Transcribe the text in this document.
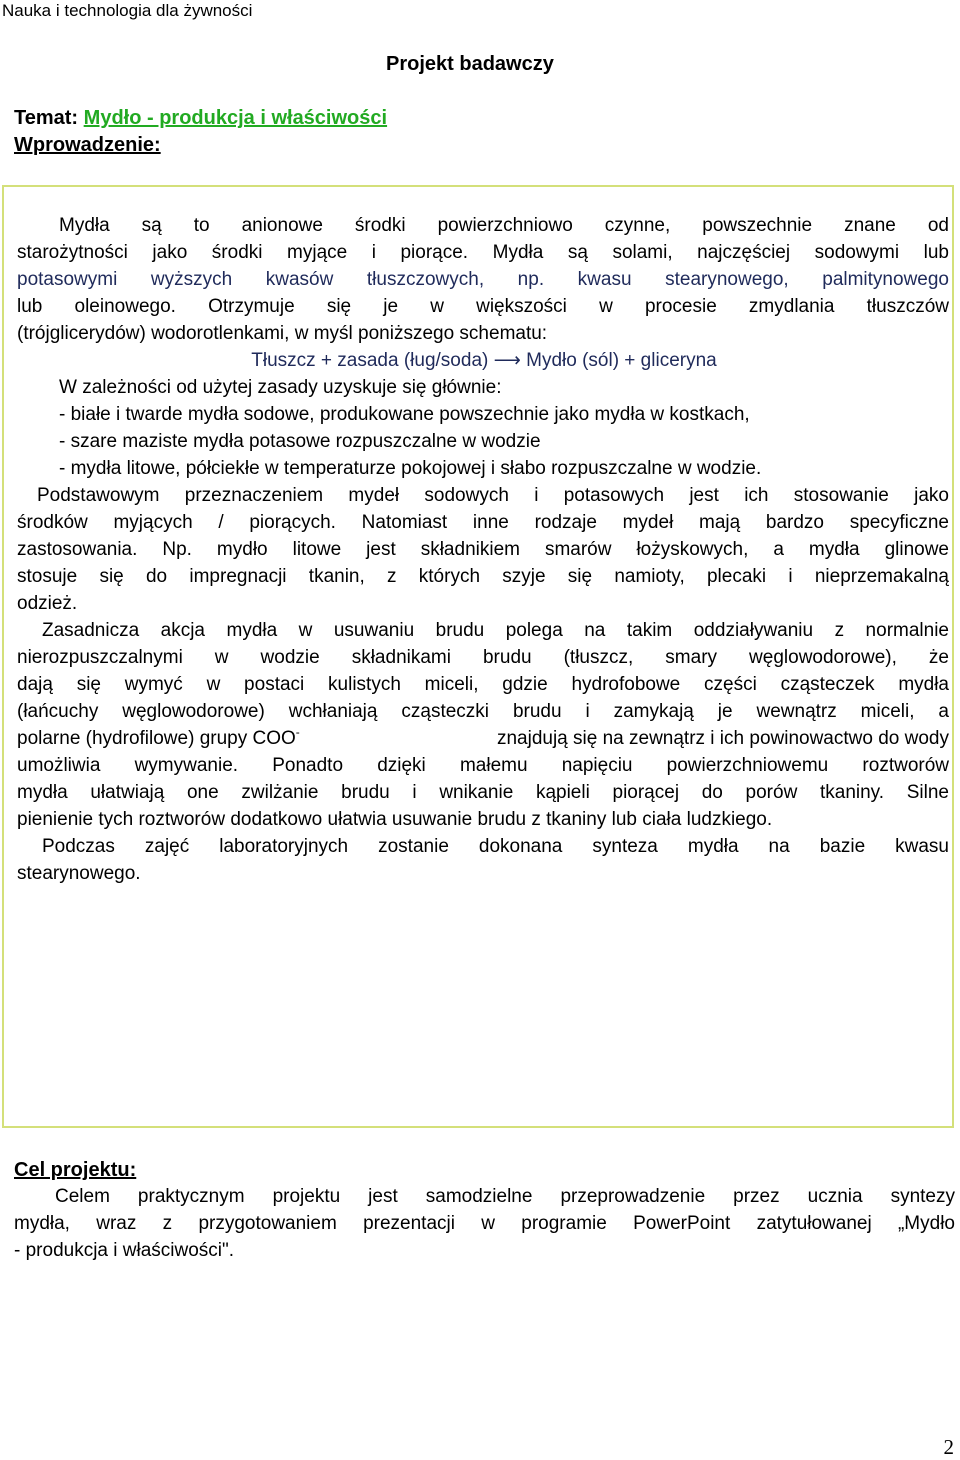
Nauka i technologia dla żywności
Projekt badawczy
Temat: Mydło - produkcja i właściwości
Wprowadzenie:
Mydła są to anionowe środki powierzchniowo czynne, powszechnie znane od
starożytności jako środki myjące i piorące. Mydła są solami, najczęściej sodowymi lub
potasowymi wyższych kwasów tłuszczowych, np. kwasu stearynowego, palmitynowego
lub oleinowego. Otrzymuje się je w większości w procesie zmydlania tłuszczów
(trójglicerydów) wodorotlenkami, w myśl poniższego schematu:
Tłuszcz + zasada (ług/soda) ⟶ Mydło (sól) + gliceryna
W zależności od użytej zasady uzyskuje się głównie:
- białe i twarde mydła sodowe, produkowane powszechnie jako mydła w kostkach,
- szare maziste mydła potasowe rozpuszczalne w wodzie
- mydła litowe, półciekłe w temperaturze pokojowej i słabo rozpuszczalne w wodzie.
Podstawowym przeznaczeniem mydeł sodowych i potasowych jest ich stosowanie jako
środków myjących / piorących. Natomiast inne rodzaje mydeł mają bardzo specyficzne
zastosowania. Np. mydło litowe jest składnikiem smarów łożyskowych, a mydła glinowe
stosuje się do impregnacji tkanin, z których szyje się namioty, plecaki i nieprzemakalną
odzież.
Zasadnicza akcja mydła w usuwaniu brudu polega na takim oddziaływaniu z normalnie
nierozpuszczalnymi w wodzie składnikami brudu (tłuszcz, smary węglowodorowe), że
dają się wymyć w postaci kulistych miceli, gdzie hydrofobowe części cząsteczek mydła
(łańcuchy węglowodorowe) wchłaniają cząsteczki brudu i zamykają je wewnątrz miceli, a
polarne (hydrofilowe) grupy COO-	znajdują się na zewnątrz i ich powinowactwo do wody
umożliwia wymywanie. Ponadto dzięki małemu napięciu powierzchniowemu roztworów
mydła ułatwiają one zwilżanie brudu i wnikanie kąpieli piorącej do porów tkaniny. Silne
pienienie tych roztworów dodatkowo ułatwia usuwanie brudu z tkaniny lub ciała ludzkiego.
Podczas zajęć laboratoryjnych zostanie dokonana synteza mydła na bazie kwasu
stearynowego.
Cel projektu:
Celem praktycznym projektu jest samodzielne przeprowadzenie przez ucznia syntezy
mydła, wraz z przygotowaniem prezentacji w programie PowerPoint zatytułowanej „Mydło
- produkcja i właściwości".
2
